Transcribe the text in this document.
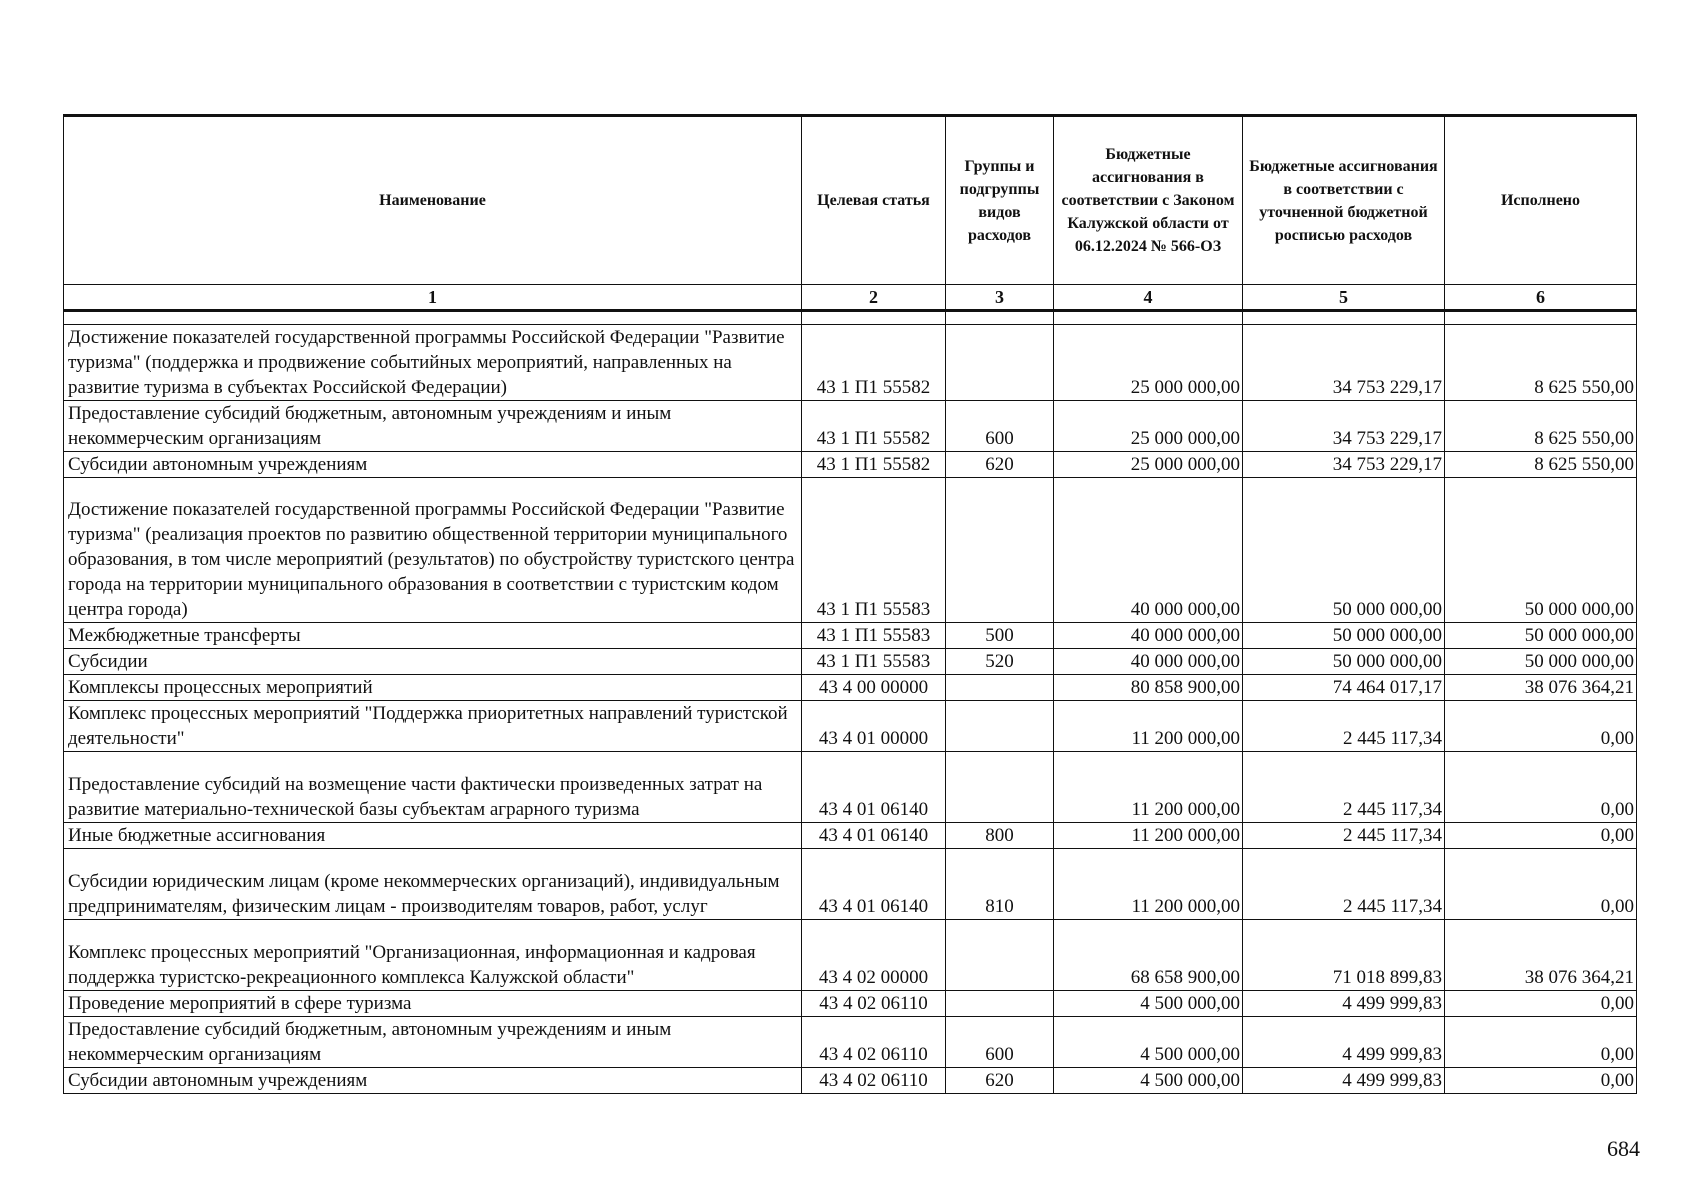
Наименование	Целевая статья	Группы и подгруппы видов расходов	Бюджетные ассигнования в соответствии с Законом Калужской области от 06.12.2024 № 566-ОЗ	Бюджетные ассигнования в соответствии с уточненной бюджетной росписью расходов	Исполнено
1	2	3	4	5	6

Достижение показателей государственной программы Российской Федерации "Развитие туризма" (поддержка и продвижение событийных мероприятий, направленных на развитие туризма в субъектах Российской Федерации)	43 1 П1 55582		25 000 000,00	34 753 229,17	8 625 550,00
Предоставление субсидий бюджетным, автономным учреждениям и иным некоммерческим организациям	43 1 П1 55582	600	25 000 000,00	34 753 229,17	8 625 550,00
Субсидии автономным учреждениям	43 1 П1 55582	620	25 000 000,00	34 753 229,17	8 625 550,00
Достижение показателей государственной программы Российской Федерации "Развитие туризма" (реализация проектов по развитию общественной территории муниципального образования, в том числе мероприятий (результатов) по обустройству туристского центра города на территории муниципального образования в соответствии с туристским кодом центра города)	43 1 П1 55583		40 000 000,00	50 000 000,00	50 000 000,00
Межбюджетные трансферты	43 1 П1 55583	500	40 000 000,00	50 000 000,00	50 000 000,00
Субсидии	43 1 П1 55583	520	40 000 000,00	50 000 000,00	50 000 000,00
Комплексы процессных мероприятий	43 4 00 00000		80 858 900,00	74 464 017,17	38 076 364,21
Комплекс процессных мероприятий "Поддержка приоритетных направлений туристской деятельности"	43 4 01 00000		11 200 000,00	2 445 117,34	0,00
Предоставление субсидий на возмещение части фактически произведенных затрат на развитие материально-технической базы субъектам аграрного туризма	43 4 01 06140		11 200 000,00	2 445 117,34	0,00
Иные бюджетные ассигнования	43 4 01 06140	800	11 200 000,00	2 445 117,34	0,00
Субсидии юридическим лицам (кроме некоммерческих организаций), индивидуальным предпринимателям, физическим лицам - производителям товаров, работ, услуг	43 4 01 06140	810	11 200 000,00	2 445 117,34	0,00
Комплекс процессных мероприятий "Организационная, информационная и кадровая поддержка туристско-рекреационного комплекса Калужской области"	43 4 02 00000		68 658 900,00	71 018 899,83	38 076 364,21
Проведение мероприятий в сфере туризма	43 4 02 06110		4 500 000,00	4 499 999,83	0,00
Предоставление субсидий бюджетным, автономным учреждениям и иным некоммерческим организациям	43 4 02 06110	600	4 500 000,00	4 499 999,83	0,00
Субсидии автономным учреждениям	43 4 02 06110	620	4 500 000,00	4 499 999,83	0,00
684
